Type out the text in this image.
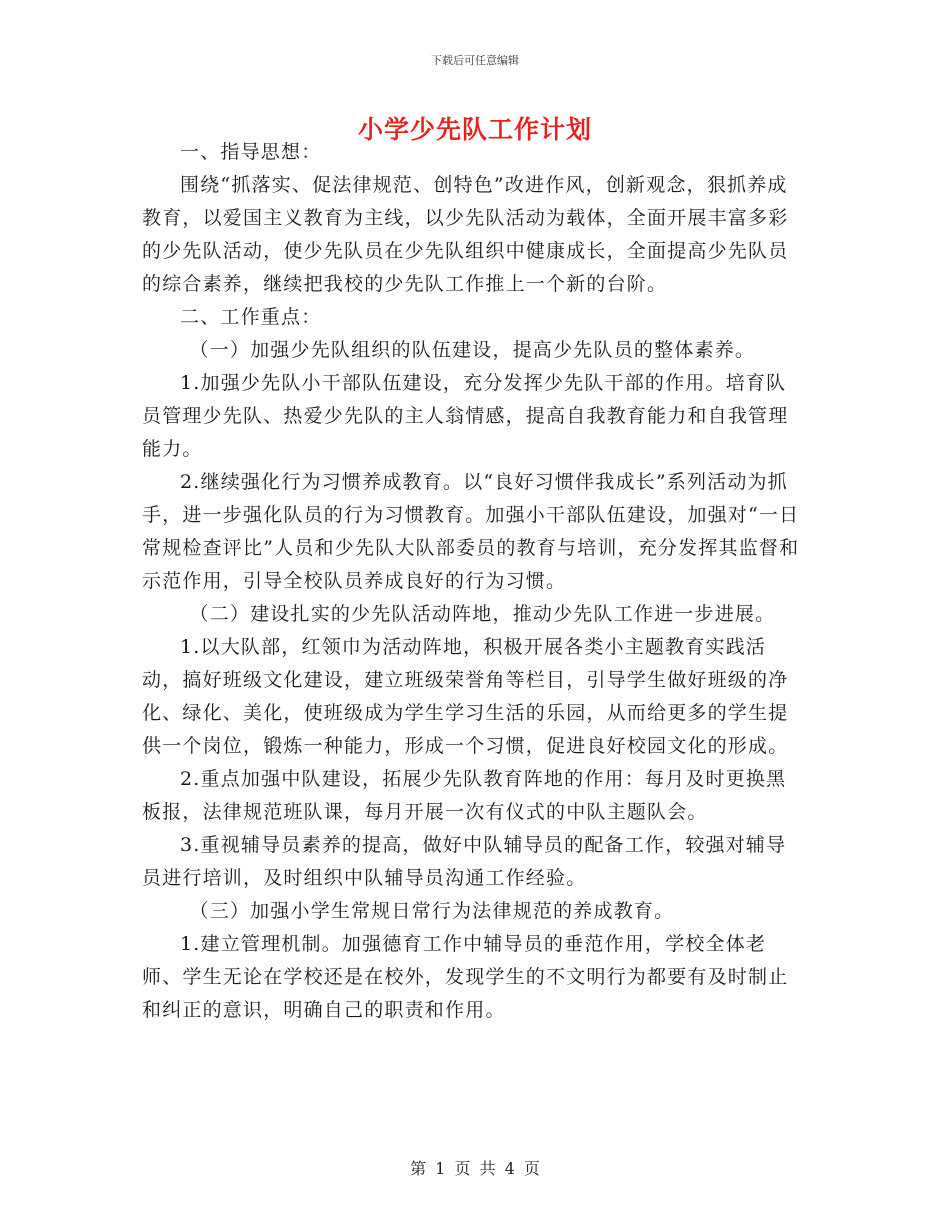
下载后可任意编辑
小学少先队工作计划

一、指导思想：

围绕“抓落实、促法律规范、创特色”改进作风，创新观念，狠抓养成教育，以爱国主义教育为主线，以少先队活动为载体，全面开展丰富多彩的少先队活动，使少先队员在少先队组织中健康成长，全面提高少先队员的综合素养，继续把我校的少先队工作推上一个新的台阶。

二、工作重点：

（一）加强少先队组织的队伍建设，提高少先队员的整体素养。

1.加强少先队小干部队伍建设，充分发挥少先队干部的作用。培育队员管理少先队、热爱少先队的主人翁情感，提高自我教育能力和自我管理能力。

2.继续强化行为习惯养成教育。以“良好习惯伴我成长”系列活动为抓手，进一步强化队员的行为习惯教育。加强小干部队伍建设，加强对“一日常规检查评比”人员和少先队大队部委员的教育与培训，充分发挥其监督和示范作用，引导全校队员养成良好的行为习惯。

（二）建设扎实的少先队活动阵地，推动少先队工作进一步进展。

1.以大队部，红领巾为活动阵地，积极开展各类小主题教育实践活动，搞好班级文化建设，建立班级荣誉角等栏目，引导学生做好班级的净化、绿化、美化，使班级成为学生学习生活的乐园，从而给更多的学生提供一个岗位，锻炼一种能力，形成一个习惯，促进良好校园文化的形成。

2.重点加强中队建设，拓展少先队教育阵地的作用：每月及时更换黑板报，法律规范班队课，每月开展一次有仪式的中队主题队会。

3.重视辅导员素养的提高，做好中队辅导员的配备工作，较强对辅导员进行培训，及时组织中队辅导员沟通工作经验。

（三）加强小学生常规日常行为法律规范的养成教育。

1.建立管理机制。加强德育工作中辅导员的垂范作用，学校全体老师、学生无论在学校还是在校外，发现学生的不文明行为都要有及时制止和纠正的意识，明确自己的职责和作用。

第 1 页 共 4 页
